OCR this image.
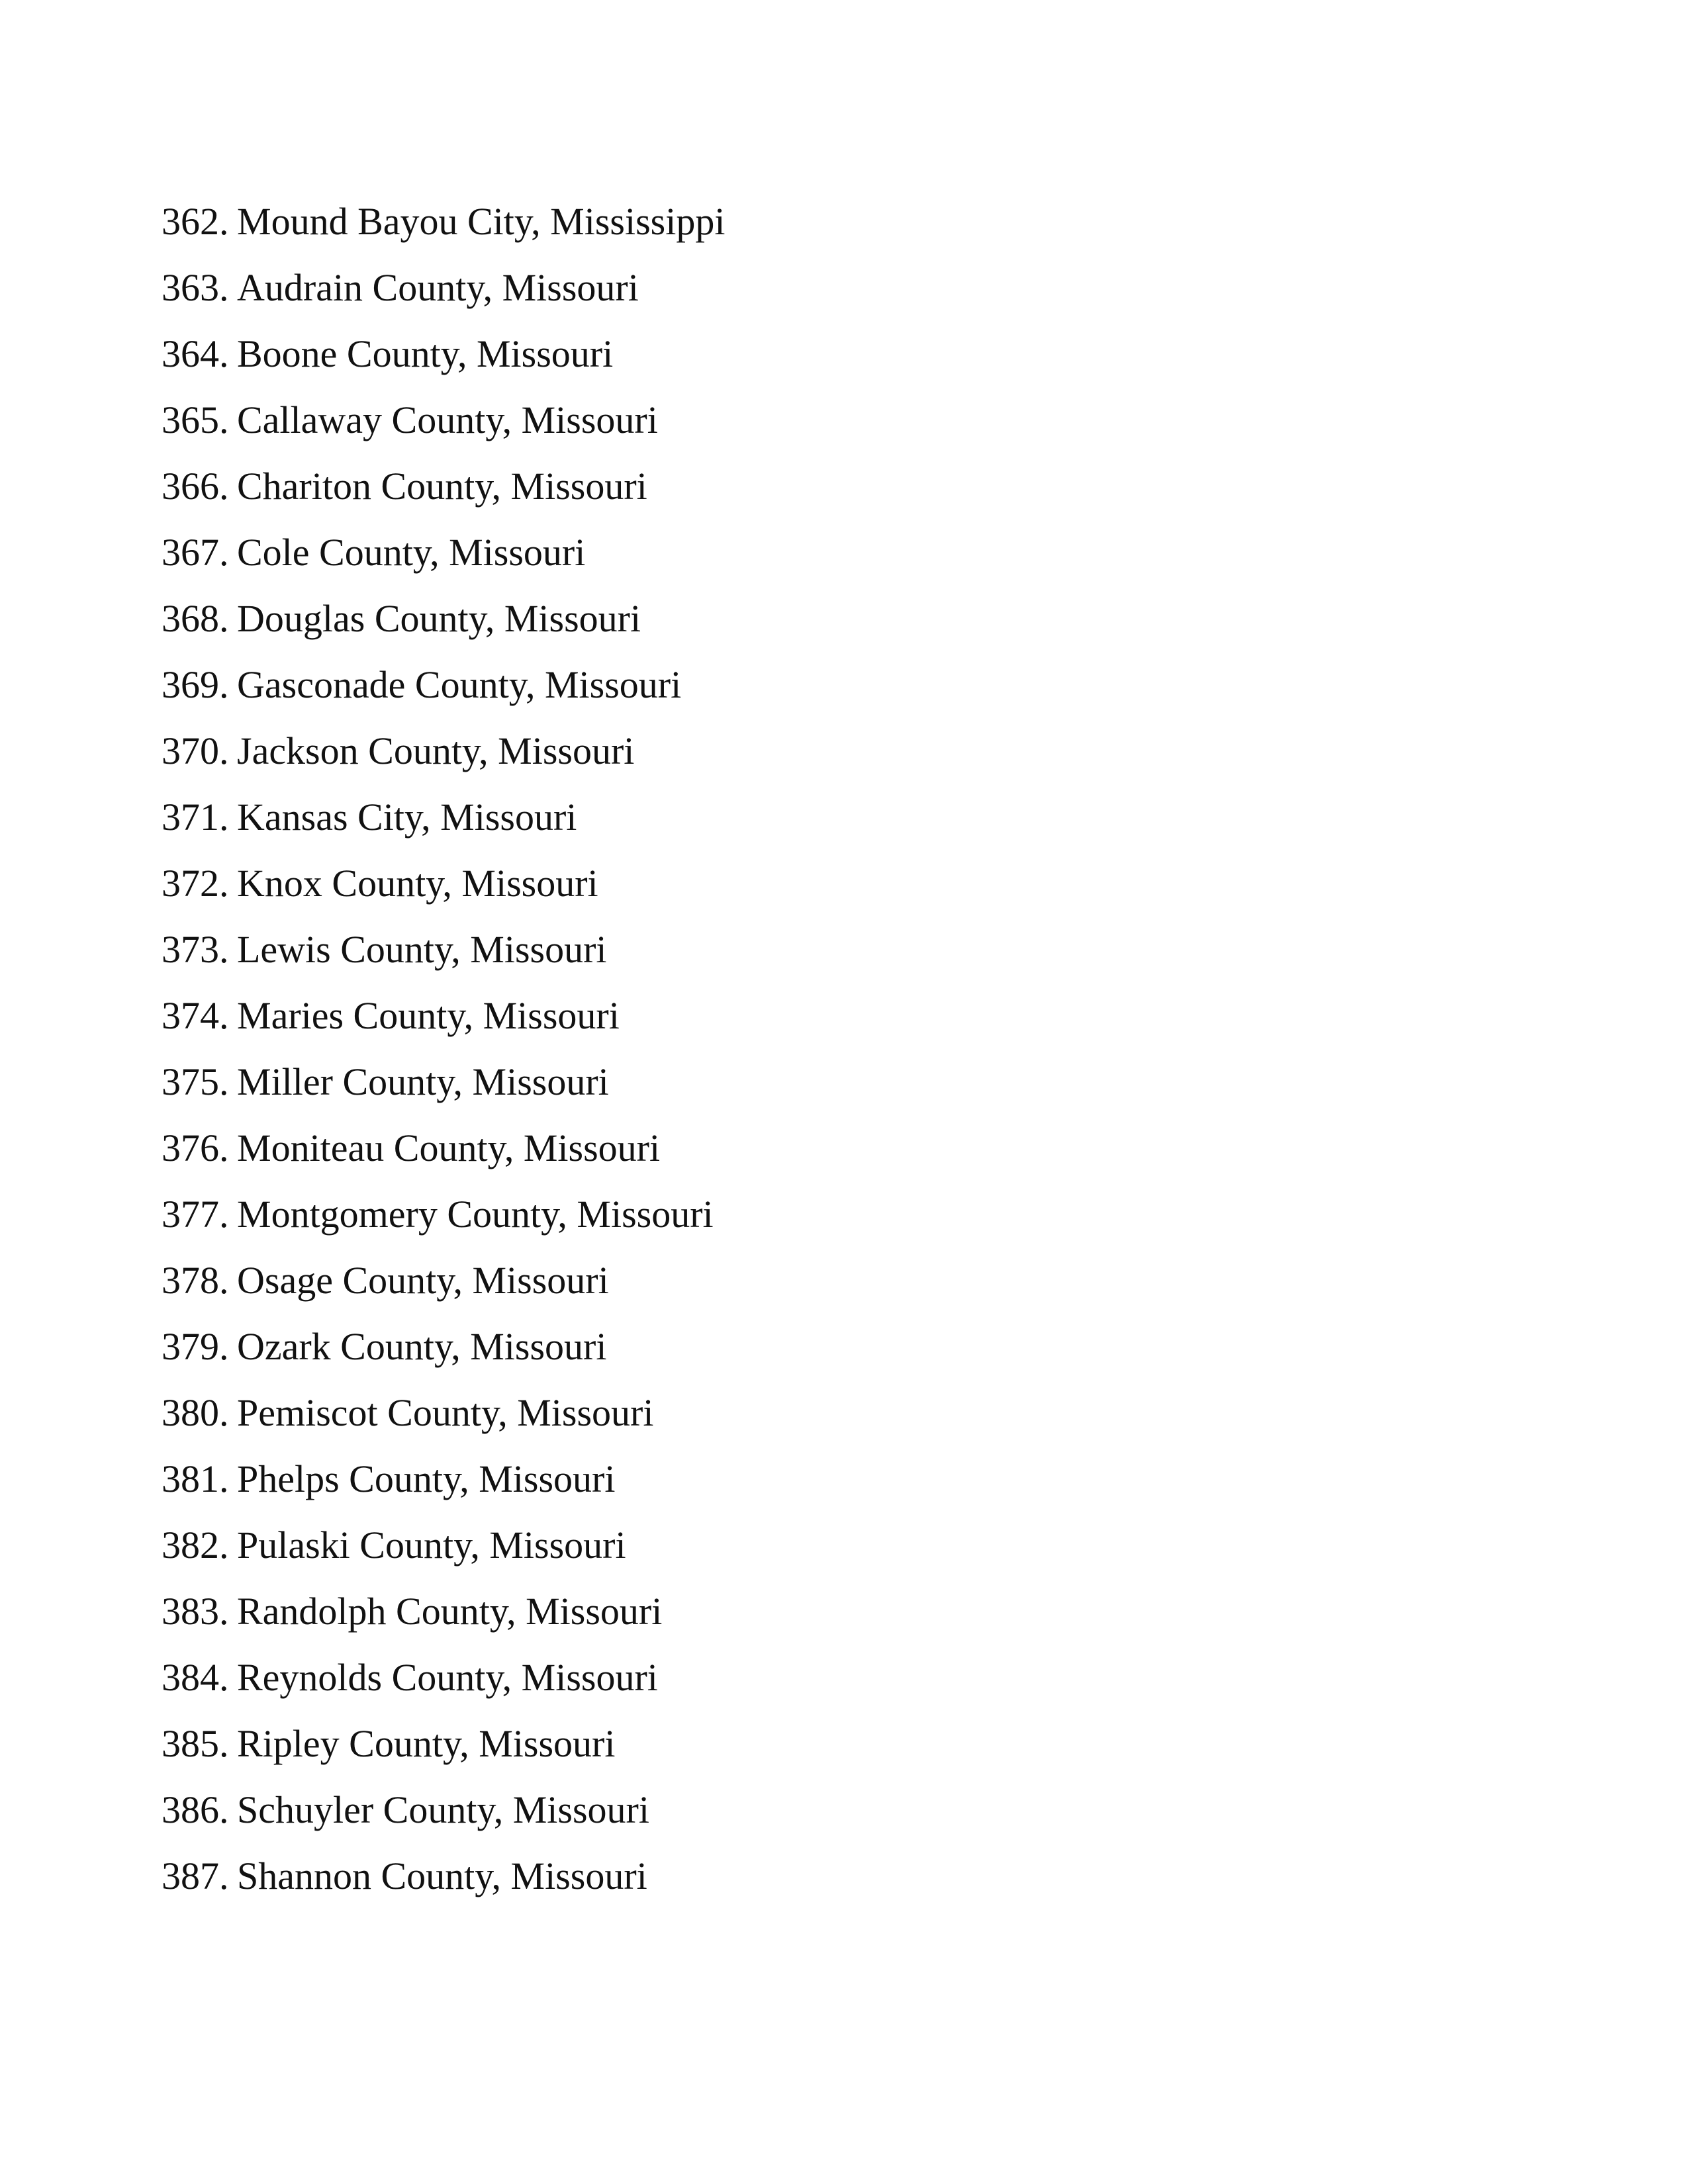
362. Mound Bayou City, Mississippi
363. Audrain County, Missouri
364. Boone County, Missouri
365. Callaway County, Missouri
366. Chariton County, Missouri
367. Cole County, Missouri
368. Douglas County, Missouri
369. Gasconade County, Missouri
370. Jackson County, Missouri
371. Kansas City, Missouri
372. Knox County, Missouri
373. Lewis County, Missouri
374. Maries County, Missouri
375. Miller County, Missouri
376. Moniteau County, Missouri
377. Montgomery County, Missouri
378. Osage County, Missouri
379. Ozark County, Missouri
380. Pemiscot County, Missouri
381. Phelps County, Missouri
382. Pulaski County, Missouri
383. Randolph County, Missouri
384. Reynolds County, Missouri
385. Ripley County, Missouri
386. Schuyler County, Missouri
387. Shannon County, Missouri
